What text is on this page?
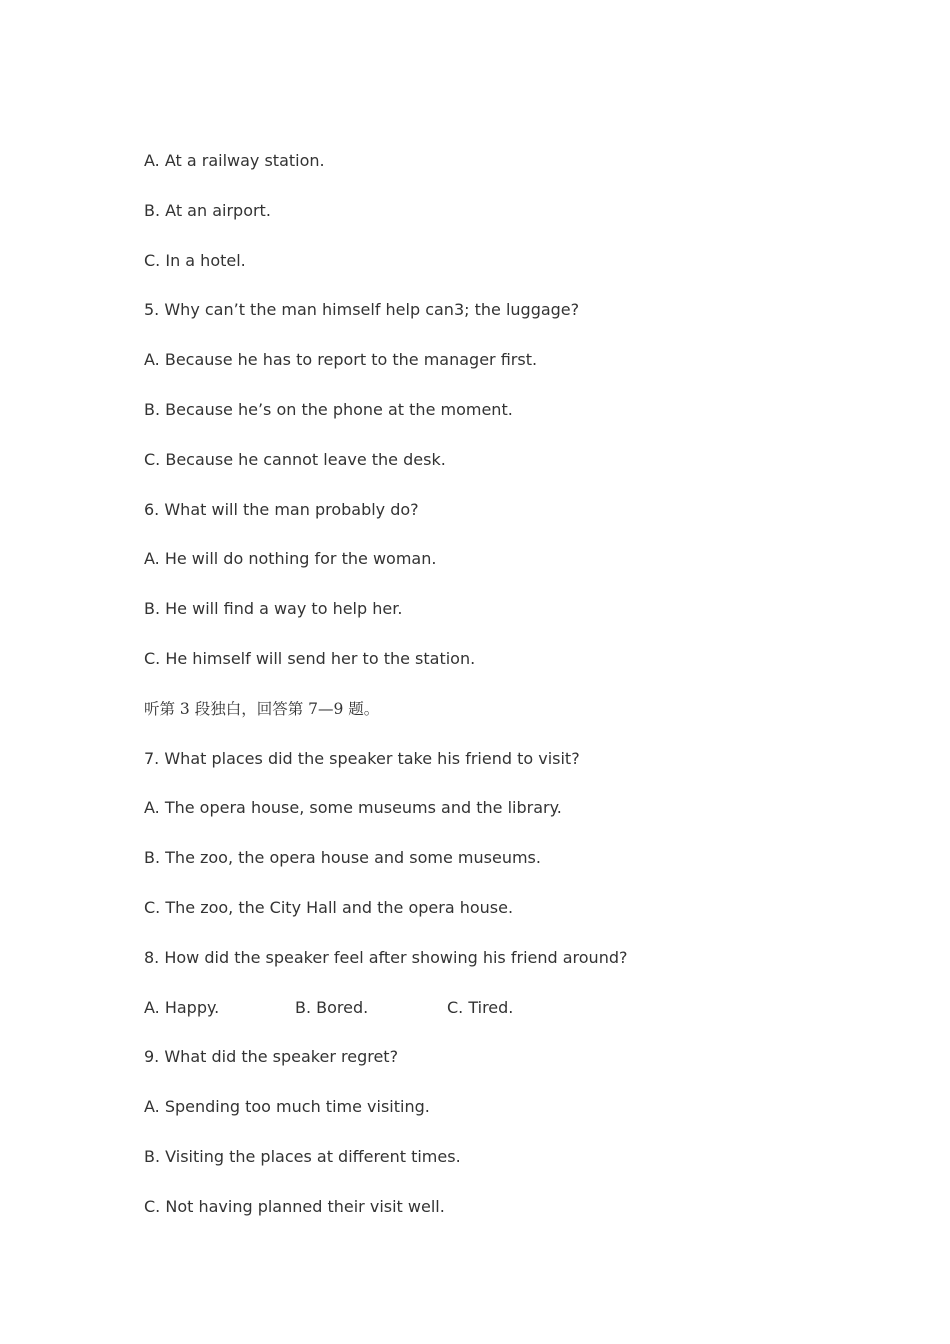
A. At a railway station.
B. At an airport.
C. In a hotel.
5. Why can’t the man himself help can3; the luggage?
A. Because he has to report to the manager first.
B. Because he’s on the phone at the moment.
C. Because he cannot leave the desk.
6. What will the man probably do?
A. He will do nothing for the woman.
B. He will find a way to help her.
C. He himself will send her to the station.
听第 3 段独白，回答第 7—9 题。
7. What places did the speaker take his friend to visit?
A. The opera house, some museums and the library.
B. The zoo, the opera house and some museums.
C. The zoo, the City Hall and the opera house.
8. How did the speaker feel after showing his friend around?
A. Happy.	B. Bored.	C. Tired.
9. What did the speaker regret?
A. Spending too much time visiting.
B. Visiting the places at different times.
C. Not having planned their visit well.
